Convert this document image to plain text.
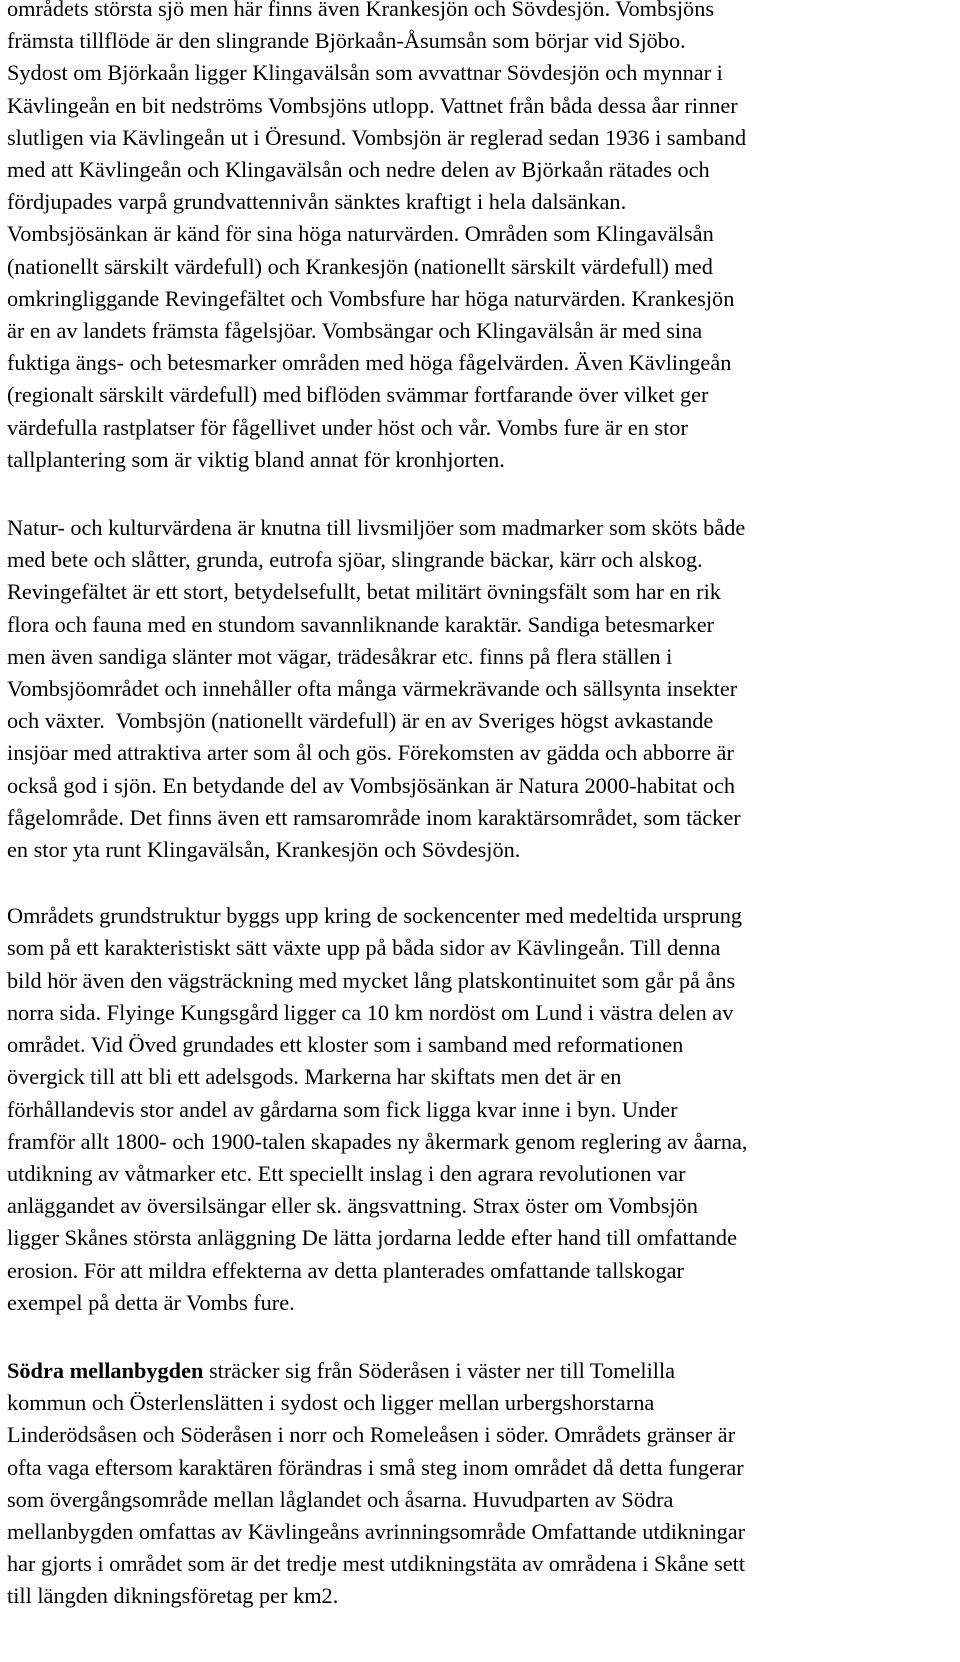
områdets största sjö men här finns även Krankesjön och Sövdesjön. Vombsjöns
främsta tillflöde är den slingrande Björkaån-Åsumsån som börjar vid Sjöbo.
Sydost om Björkaån ligger Klingavälsån som avvattnar Sövdesjön och mynnar i
Kävlingeån en bit nedströms Vombsjöns utlopp. Vattnet från båda dessa åar rinner
slutligen via Kävlingeån ut i Öresund. Vombsjön är reglerad sedan 1936 i samband
med att Kävlingeån och Klingavälsån och nedre delen av Björkaån rätades och
fördjupades varpå grundvattennivån sänktes kraftigt i hela dalsänkan.
Vombsjösänkan är känd för sina höga naturvärden. Områden som Klingavälsån
(nationellt särskilt värdefull) och Krankesjön (nationellt särskilt värdefull) med
omkringliggande Revingefältet och Vombsfure har höga naturvärden. Krankesjön
är en av landets främsta fågelsjöar. Vombsängar och Klingavälsån är med sina
fuktiga ängs- och betesmarker områden med höga fågelvärden. Även Kävlingeån
(regionalt särskilt värdefull) med biflöden svämmar fortfarande över vilket ger
värdefulla rastplatser för fågellivet under höst och vår. Vombs fure är en stor
tallplantering som är viktig bland annat för kronhjorten.
Natur- och kulturvärdena är knutna till livsmiljöer som madmarker som sköts både
med bete och slåtter, grunda, eutrofa sjöar, slingrande bäckar, kärr och alskog.
Revingefältet är ett stort, betydelsefullt, betat militärt övningsfält som har en rik
flora och fauna med en stundom savannliknande karaktär. Sandiga betesmarker
men även sandiga slänter mot vägar, trädesåkrar etc. finns på flera ställen i
Vombsjöområdet och innehåller ofta många värmekrävande och sällsynta insekter
och växter.  Vombsjön (nationellt värdefull) är en av Sveriges högst avkastande
insjöar med attraktiva arter som ål och gös. Förekomsten av gädda och abborre är
också god i sjön. En betydande del av Vombsjösänkan är Natura 2000-habitat och
fågelområde. Det finns även ett ramsarområde inom karaktärsområdet, som täcker
en stor yta runt Klingavälsån, Krankesjön och Sövdesjön.
Områdets grundstruktur byggs upp kring de sockencenter med medeltida ursprung
som på ett karakteristiskt sätt växte upp på båda sidor av Kävlingeån. Till denna
bild hör även den vägsträckning med mycket lång platskontinuitet som går på åns
norra sida. Flyinge Kungsgård ligger ca 10 km nordöst om Lund i västra delen av
området. Vid Öved grundades ett kloster som i samband med reformationen
övergick till att bli ett adelsgods. Markerna har skiftats men det är en
förhållandevis stor andel av gårdarna som fick ligga kvar inne i byn. Under
framför allt 1800- och 1900-talen skapades ny åkermark genom reglering av åarna,
utdikning av våtmarker etc. Ett speciellt inslag i den agrara revolutionen var
anläggandet av översilsängar eller sk. ängsvattning. Strax öster om Vombsjön
ligger Skånes största anläggning De lätta jordarna ledde efter hand till omfattande
erosion. För att mildra effekterna av detta planterades omfattande tallskogar
exempel på detta är Vombs fure.
Södra mellanbygden sträcker sig från Söderåsen i väster ner till Tomelilla
kommun och Österlenslätten i sydost och ligger mellan urbergshorstarna
Linderödsåsen och Söderåsen i norr och Romeleåsen i söder. Områdets gränser är
ofta vaga eftersom karaktären förändras i små steg inom området då detta fungerar
som övergångsområde mellan låglandet och åsarna. Huvudparten av Södra
mellanbygden omfattas av Kävlingeåns avrinningsområde Omfattande utdikningar
har gjorts i området som är det tredje mest utdikningstäta av områdena i Skåne sett
till längden dikningsföretag per km2.
